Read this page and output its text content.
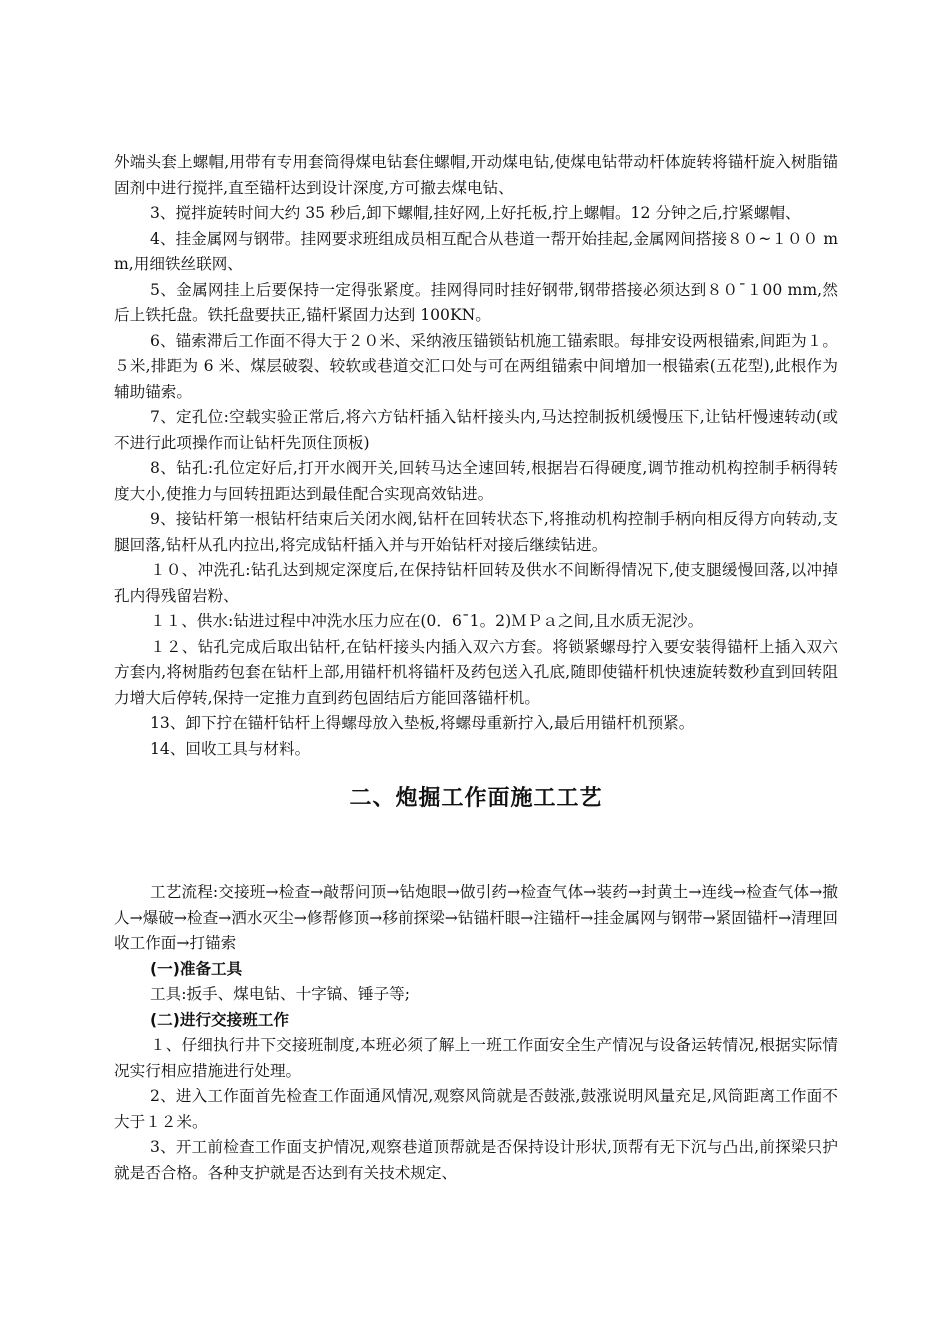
外端头套上螺帽,用带有专用套筒得煤电钻套住螺帽,开动煤电钻,使煤电钻带动杆体旋转将锚杆旋入树脂锚固剂中进行搅拌,直至锚杆达到设计深度,方可撤去煤电钻、

3、搅拌旋转时间大约 35 秒后,卸下螺帽,挂好网,上好托板,拧上螺帽。12 分钟之后,拧紧螺帽、

4、挂金属网与钢带。挂网要求班组成员相互配合从巷道一帮开始挂起,金属网间搭接８０~１００ mm,用细铁丝联网、

5、金属网挂上后要保持一定得张紧度。挂网得同时挂好钢带,钢带搭接必须达到８０¯１00 mm,然后上铁托盘。铁托盘要扶正,锚杆紧固力达到 100KN。

6、锚索滞后工作面不得大于２０米、采纳液压锚锁钻机施工锚索眼。每排安设两根锚索,间距为１。５米,排距为 6 米、煤层破裂、较软或巷道交汇口处与可在两组锚索中间增加一根锚索(五花型),此根作为辅助锚索。

7、定孔位:空载实验正常后,将六方钻杆插入钻杆接头内,马达控制扳机缓慢压下,让钻杆慢速转动(或不进行此项操作而让钻杆先顶住顶板)

8、钻孔:孔位定好后,打开水阀开关,回转马达全速回转,根据岩石得硬度,调节推动机构控制手柄得转度大小,使推力与回转扭距达到最佳配合实现高效钻进。

9、接钻杆第一根钻杆结束后关闭水阀,钻杆在回转状态下,将推动机构控制手柄向相反得方向转动,支腿回落,钻杆从孔内拉出,将完成钻杆插入并与开始钻杆对接后继续钻进。

１０、冲洗孔:钻孔达到规定深度后,在保持钻杆回转及供水不间断得情况下,使支腿缓慢回落,以冲掉孔内得残留岩粉、

１１、供水:钻进过程中冲洗水压力应在(0．6¯1。2)ＭＰａ之间,且水质无泥沙。

１２、钻孔完成后取出钻杆,在钻杆接头内插入双六方套。将锁紧螺母拧入要安装得锚杆上插入双六方套内,将树脂药包套在钻杆上部,用锚杆机将锚杆及药包送入孔底,随即使锚杆机快速旋转数秒直到回转阻力增大后停转,保持一定推力直到药包固结后方能回落锚杆机。

13、卸下拧在锚杆钻杆上得螺母放入垫板,将螺母重新拧入,最后用锚杆机预紧。

14、回收工具与材料。

二、炮掘工作面施工工艺

工艺流程:交接班→检查→敲帮问顶→钻炮眼→做引药→检查气体→装药→封黄土→连线→检查气体→撤人→爆破→检查→洒水灭尘→修帮修顶→移前探梁→钻锚杆眼→注锚杆→挂金属网与钢带→紧固锚杆→清理回收工作面→打锚索

(一)准备工具

工具:扳手、煤电钻、十字镐、锤子等;

(二)进行交接班工作

１、仔细执行井下交接班制度,本班必须了解上一班工作面安全生产情况与设备运转情况,根据实际情况实行相应措施进行处理。

2、进入工作面首先检查工作面通风情况,观察风筒就是否鼓涨,鼓涨说明风量充足,风筒距离工作面不大于１２米。

3、开工前检查工作面支护情况,观察巷道顶帮就是否保持设计形状,顶帮有无下沉与凸出,前探梁只护就是否合格。各种支护就是否达到有关技术规定、
